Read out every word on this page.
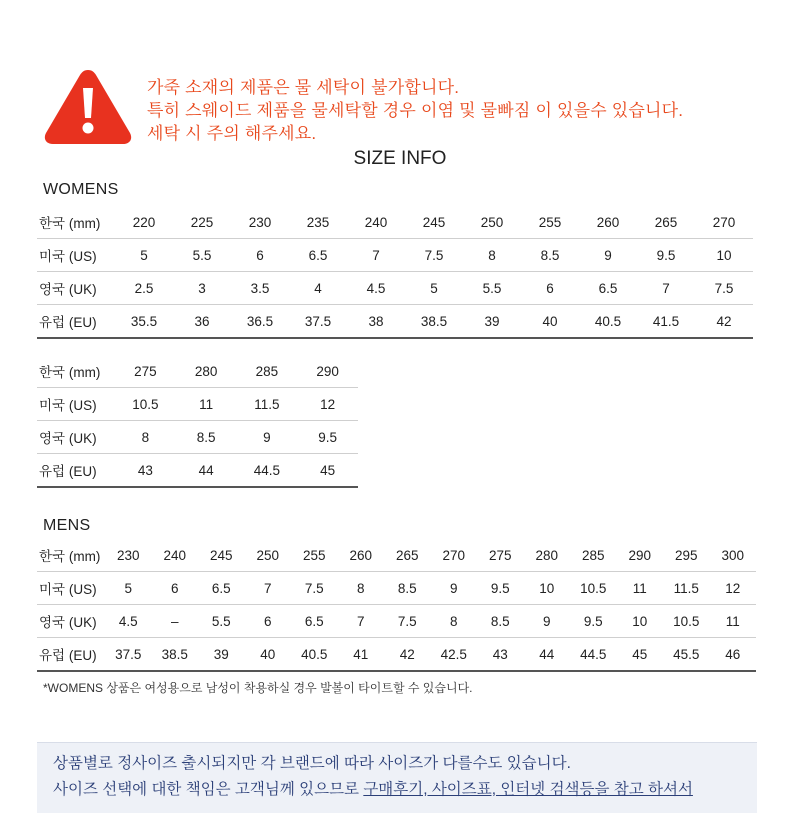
가죽 소재의 제품은 물 세탁이 불가합니다.
특히 스웨이드 제품을 물세탁할 경우 이염 및 물빠짐 이 있을수 있습니다.
세탁 시 주의 해주세요.
SIZE INFO
WOMENS
한국 (mm)	220	225	230	235	240	245	250	255	260	265	270
미국 (US)	5	5.5	6	6.5	7	7.5	8	8.5	9	9.5	10
영국 (UK)	2.5	3	3.5	4	4.5	5	5.5	6	6.5	7	7.5
유럽 (EU)	35.5	36	36.5	37.5	38	38.5	39	40	40.5	41.5	42
한국 (mm)	275	280	285	290
미국 (US)	10.5	11	11.5	12
영국 (UK)	8	8.5	9	9.5
유럽 (EU)	43	44	44.5	45
MENS
한국 (mm)	230	240	245	250	255	260	265	270	275	280	285	290	295	300
미국 (US)	5	6	6.5	7	7.5	8	8.5	9	9.5	10	10.5	11	11.5	12
영국 (UK)	4.5	–	5.5	6	6.5	7	7.5	8	8.5	9	9.5	10	10.5	11
유럽 (EU)	37.5	38.5	39	40	40.5	41	42	42.5	43	44	44.5	45	45.5	46
*WOMENS 상품은 여성용으로 남성이 착용하실 경우 발볼이 타이트할 수 있습니다.
상품별로 정사이즈 출시되지만 각 브랜드에 따라 사이즈가 다를수도 있습니다.
사이즈 선택에 대한 책임은 고객님께 있으므로 구매후기, 사이즈표, 인터넷 검색등을 참고 하셔서
